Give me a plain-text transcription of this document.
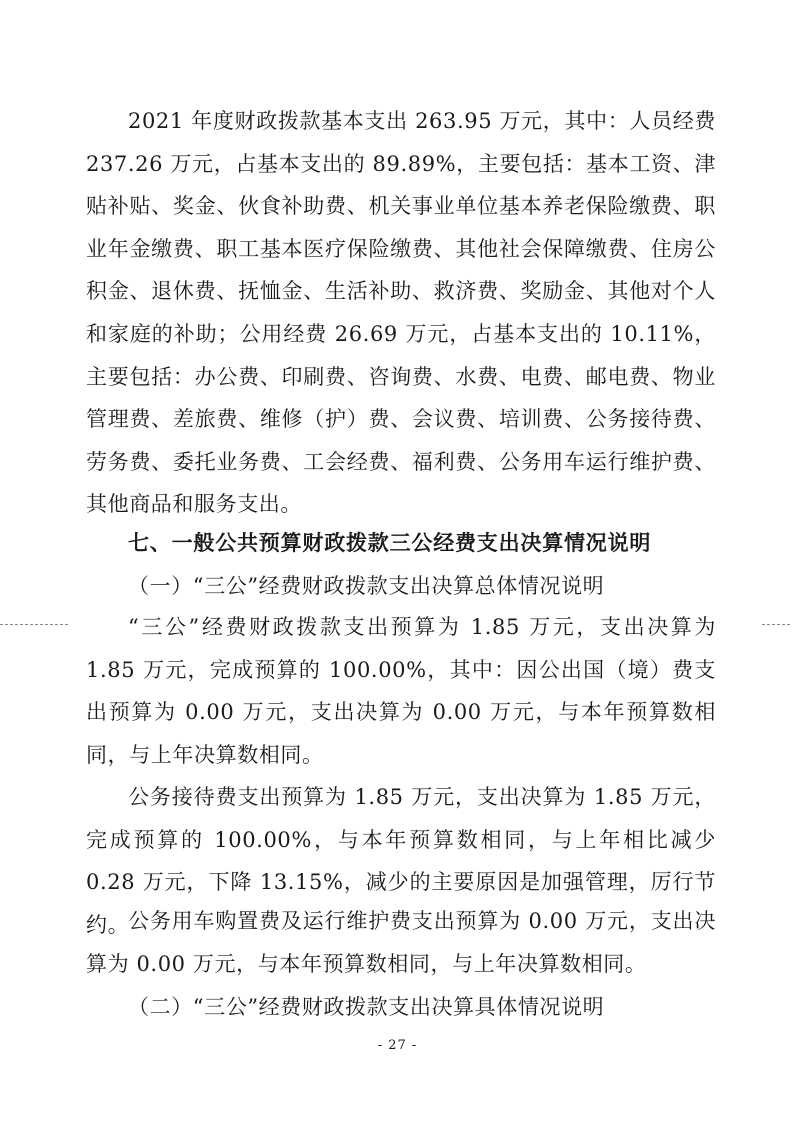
2021 年度财政拨款基本支出 263.95 万元，其中：人员经费 237.26 万元，占基本支出的 89.89%，主要包括：基本工资、津贴补贴、奖金、伙食补助费、机关事业单位基本养老保险缴费、职业年金缴费、职工基本医疗保险缴费、其他社会保障缴费、住房公积金、退休费、抚恤金、生活补助、救济费、奖励金、其他对个人和家庭的补助；公用经费 26.69 万元，占基本支出的 10.11%，主要包括：办公费、印刷费、咨询费、水费、电费、邮电费、物业管理费、差旅费、维修（护）费、会议费、培训费、公务接待费、劳务费、委托业务费、工会经费、福利费、公务用车运行维护费、其他商品和服务支出。

七、一般公共预算财政拨款三公经费支出决算情况说明

（一）“三公”经费财政拨款支出决算总体情况说明

“三公”经费财政拨款支出预算为 1.85 万元，支出决算为 1.85 万元，完成预算的 100.00%，其中：因公出国（境）费支出预算为 0.00 万元，支出决算为 0.00 万元，与本年预算数相同，与上年决算数相同。

公务接待费支出预算为 1.85 万元，支出决算为 1.85 万元，完成预算的 100.00%，与本年预算数相同，与上年相比减少 0.28 万元，下降 13.15%，减少的主要原因是加强管理，厉行节约。

公务用车购置费及运行维护费支出预算为 0.00 万元，支出决算为 0.00 万元，与本年预算数相同，与上年决算数相同。

（二）“三公”经费财政拨款支出决算具体情况说明

- 27 -
